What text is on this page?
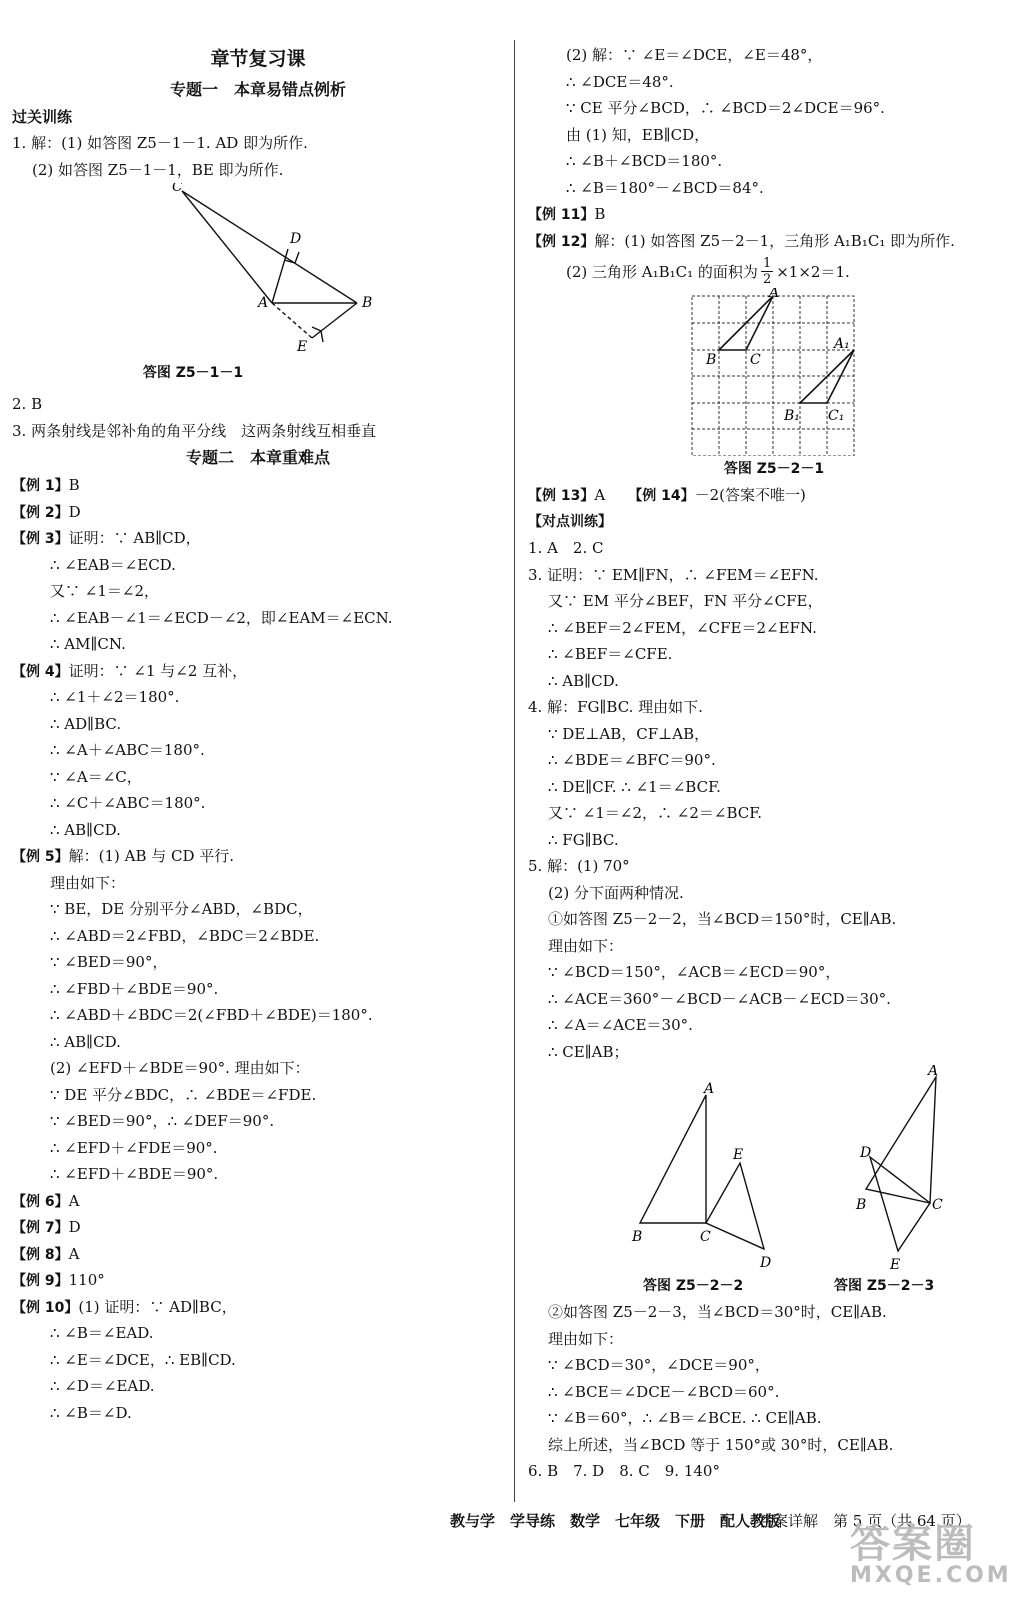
章节复习课
专题一　本章易错点例析
过关训练
1. 解：(1) 如答图 Z5－1－1. AD 即为所作.
(2) 如答图 Z5－1－1，BE 即为所作.
C
D
A	B
E
答图 Z5－1－1
2. B
3. 两条射线是邻补角的角平分线　这两条射线互相垂直
专题二　本章重难点
【例 1】B
【例 2】D
【例 3】证明：∵ AB∥CD，
∴ ∠EAB＝∠ECD.
又∵ ∠1＝∠2，
∴ ∠EAB－∠1＝∠ECD－∠2，即∠EAM＝∠ECN.
∴ AM∥CN.
【例 4】证明：∵ ∠1 与∠2 互补，
∴ ∠1＋∠2＝180°.
∴ AD∥BC.
∴ ∠A＋∠ABC＝180°.
∵ ∠A＝∠C，
∴ ∠C＋∠ABC＝180°.
∴ AB∥CD.
【例 5】解：(1) AB 与 CD 平行.
理由如下：
∵ BE，DE 分别平分∠ABD，∠BDC，
∴ ∠ABD＝2∠FBD，∠BDC＝2∠BDE.
∵ ∠BED＝90°，
∴ ∠FBD＋∠BDE＝90°.
∴ ∠ABD＋∠BDC＝2(∠FBD＋∠BDE)＝180°.
∴ AB∥CD.
(2) ∠EFD＋∠BDE＝90°. 理由如下：
∵ DE 平分∠BDC，∴ ∠BDE＝∠FDE.
∵ ∠BED＝90°，∴ ∠DEF＝90°.
∴ ∠EFD＋∠FDE＝90°.
∴ ∠EFD＋∠BDE＝90°.
【例 6】A
【例 7】D
【例 8】A
【例 9】110°
【例 10】(1) 证明：∵ AD∥BC，
∴ ∠B＝∠EAD.
∴ ∠E＝∠DCE，∴ EB∥CD.
∴ ∠D＝∠EAD.
∴ ∠B＝∠D.
(2) 解：∵ ∠E＝∠DCE，∠E＝48°，
∴ ∠DCE＝48°.
∵ CE 平分∠BCD，∴ ∠BCD＝2∠DCE＝96°.
由 (1) 知，EB∥CD，
∴ ∠B＋∠BCD＝180°.
∴ ∠B＝180°－∠BCD＝84°.
【例 11】B
【例 12】解：(1) 如答图 Z5－2－1，三角形 A₁B₁C₁ 即为所作.
(2) 三角形 A₁B₁C₁ 的面积为 $\frac{1}{2} \times 1\times 2=1$.
A
B C
A₁
B₁ C₁
答图 Z5－2－1
【例 13】A　　 【例 14】－2(答案不唯一)
【对点训练】
1. A　2. C
3. 证明：∵ EM∥FN，∴ ∠FEM＝∠EFN.
又∵ EM 平分∠BEF，FN 平分∠CFE，
∴ ∠BEF＝2∠FEM，∠CFE＝2∠EFN.
∴ ∠BEF＝∠CFE.
∴ AB∥CD.
4. 解：FG∥BC. 理由如下.
∵ DE⊥AB，CF⊥AB，
∴ ∠BDE＝∠BFC＝90°.
∴ DE∥CF. ∴ ∠1＝∠BCF.
又∵ ∠1＝∠2，∴ ∠2＝∠BCF.
∴ FG∥BC.
5. 解：(1) 70°
(2) 分下面两种情况.
①如答图 Z5－2－2，当∠BCD＝150°时，CE∥AB.
理由如下：
∵ ∠BCD＝150°，∠ACB＝∠ECD＝90°，
∴ ∠ACE＝360°－∠BCD－∠ACB－∠ECD＝30°.
∴ ∠A＝∠ACE＝30°.
∴ CE∥AB；
A
B	C
E
D
A
D
B	C
E
答图 Z5－2－2	答图 Z5－2－3
②如答图 Z5－2－3，当∠BCD＝30°时，CE∥AB.
理由如下：
∵ ∠BCD＝30°，∠DCE＝90°，
∴ ∠BCE＝∠DCE－∠BCD＝60°.
∵ ∠B＝60°，∴ ∠B＝∠BCE. ∴ CE∥AB.
综上所述，当∠BCD 等于 150°或 30°时，CE∥AB.
6. B　7. D　8. C　9. 140°
教与学　学导练　数学　七年级　下册　配人教版
答案详解　第 5 页（共 64 页）
答案圈
MXQE.COM
